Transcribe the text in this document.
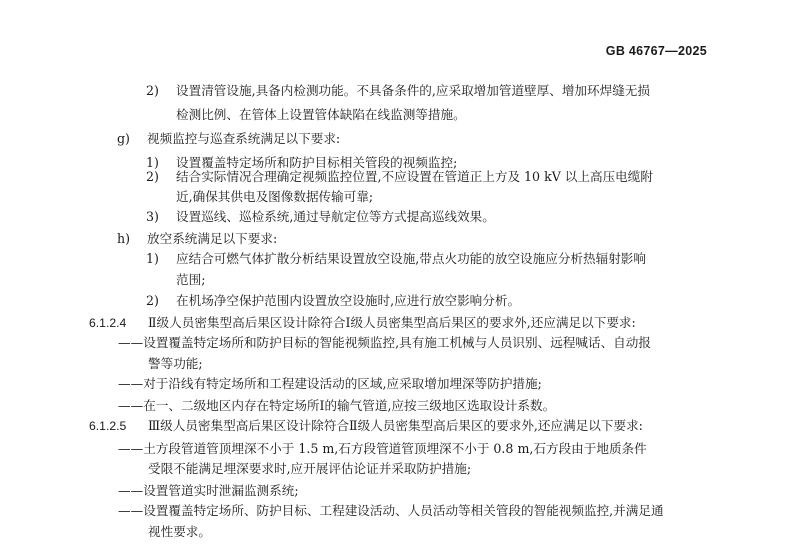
GB 46767—2025
2) 设置清管设施,具备内检测功能。不具备条件的,应采取增加管道壁厚、增加环焊缝无损
检测比例、在管体上设置管体缺陷在线监测等措施。
g) 视频监控与巡查系统满足以下要求:
1) 设置覆盖特定场所和防护目标相关管段的视频监控;
2) 结合实际情况合理确定视频监控位置,不应设置在管道正上方及 10 kV 以上高压电缆附
近,确保其供电及图像数据传输可靠;
3) 设置巡线、巡检系统,通过导航定位等方式提高巡线效果。
h) 放空系统满足以下要求:
1) 应结合可燃气体扩散分析结果设置放空设施,带点火功能的放空设施应分析热辐射影响
范围;
2) 在机场净空保护范围内设置放空设施时,应进行放空影响分析。
6.1.2.4 Ⅱ级人员密集型高后果区设计除符合Ⅰ级人员密集型高后果区的要求外,还应满足以下要求:
——设置覆盖特定场所和防护目标的智能视频监控,具有施工机械与人员识别、远程喊话、自动报
警等功能;
——对于沿线有特定场所和工程建设活动的区域,应采取增加埋深等防护措施;
——在一、二级地区内存在特定场所Ⅰ的输气管道,应按三级地区选取设计系数。
6.1.2.5 Ⅲ级人员密集型高后果区设计除符合Ⅱ级人员密集型高后果区的要求外,还应满足以下要求:
——土方段管道管顶埋深不小于 1.5 m,石方段管道管顶埋深不小于 0.8 m,石方段由于地质条件
受限不能满足埋深要求时,应开展评估论证并采取防护措施;
——设置管道实时泄漏监测系统;
——设置覆盖特定场所、防护目标、工程建设活动、人员活动等相关管段的智能视频监控,并满足通
视性要求。
